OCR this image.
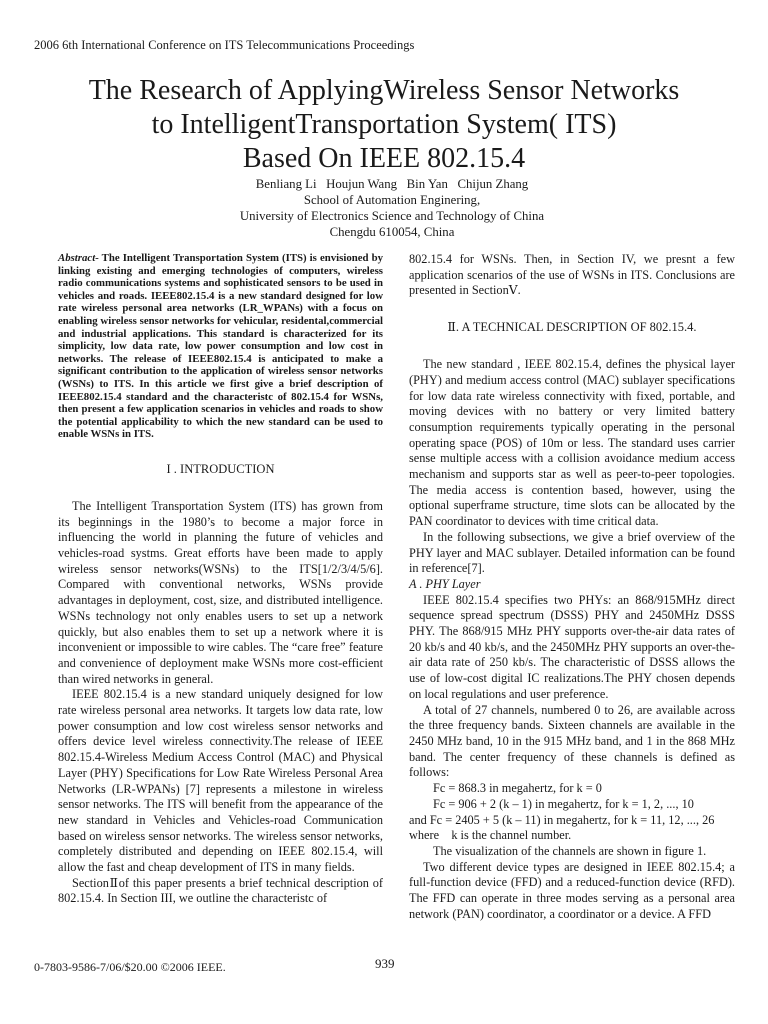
2006 6th International Conference on ITS Telecommunications Proceedings
The Research of ApplyingWireless Sensor Networks
to IntelligentTransportation System( ITS)
Based On IEEE 802.15.4
Benliang Li   Houjun Wang   Bin Yan   Chijun Zhang
School of Automation Enginering,
University of Electronics Science and Technology of China
Chengdu 610054, China

Abstract- The Intelligent Transportation System (ITS) is envisioned by linking existing and emerging technologies of computers, wireless radio communications systems and sophisticated sensors to be used in vehicles and roads. IEEE802.15.4 is a new standard designed for low rate wireless personal area networks (LR_WPANs) with a focus on enabling wireless sensor networks for vehicular, residental,commercial and industrial applications. This standard is characterized for its simplicity, low data rate, low power consumption and low cost in networks. The release of IEEE802.15.4 is anticipated to make a significant contribution to the application of wireless sensor networks (WSNs) to ITS. In this article we first give a brief description of IEEE802.15.4 standard and the characteristc of 802.15.4 for WSNs, then present a few application scenarios in vehicles and roads to show the potential applicability to which the new standard can be used to enable WSNs in ITS.

I . INTRODUCTION

The Intelligent Transportation System (ITS) has grown from its beginnings in the 1980’s to become a major force in influencing the world in planning the future of vehicles and vehicles-road systms. Great efforts have been made to apply wireless sensor networks(WSNs) to the ITS[1/2/3/4/5/6]. Compared with conventional networks, WSNs provide advantages in deployment, cost, size, and distributed intelligence. WSNs technology not only enables users to set up a network quickly, but also enables them to set up a network where it is inconvenient or impossible to wire cables. The “care free” feature and convenience of deployment make WSNs more cost-efficient than wired networks in general.

IEEE 802.15.4 is a new standard uniquely designed for low rate wireless personal area networks. It targets low data rate, low power consumption and low cost wireless sensor networks and offers device level wireless connectivity.The release of IEEE 802.15.4-Wireless Medium Access Control (MAC) and Physical Layer (PHY) Specifications for Low Rate Wireless Personal Area Networks (LR-WPANs) [7] represents a milestone in wireless sensor networks. The ITS will benefit from the appearance of the new standard in Vehicles and Vehicles-road Communication based on wireless sensor networks. The wireless sensor networks, completely distributed and depending on IEEE 802.15.4, will allow the fast and cheap development of ITS in many fields.

SectionⅡof this paper presents a brief technical description of 802.15.4. In Section III, we outline the characteristc of

802.15.4 for WSNs. Then, in Section IV, we presnt a few application scenarios of the use of WSNs in ITS. Conclusions are presented in SectionⅤ.

Ⅱ. A TECHNICAL DESCRIPTION OF 802.15.4.

The new standard , IEEE 802.15.4, defines the physical layer (PHY) and medium access control (MAC) sublayer specifications for low data rate wireless connectivity with fixed, portable, and moving devices with no battery or very limited battery consumption requirements typically operating in the personal operating space (POS) of 10m or less. The standard uses carrier sense multiple access with a collision avoidance medium access mechanism and supports star as well as peer-to-peer topologies. The media access is contention based, however, using the optional superframe structure, time slots can be allocated by the PAN coordinator to devices with time critical data.

In the following subsections, we give a brief overview of the PHY layer and MAC sublayer. Detailed information can be found in reference[7].

A . PHY Layer

IEEE 802.15.4 specifies two PHYs: an 868/915MHz direct sequence spread spectrum (DSSS) PHY and 2450MHz DSSS PHY. The 868/915 MHz PHY supports over-the-air data rates of 20 kb/s and 40 kb/s, and the 2450MHz PHY supports an over-the-air data rate of 250 kb/s. The characteristic of DSSS allows the use of low-cost digital IC realizations.The PHY chosen depends on local regulations and user preference.

A total of 27 channels, numbered 0 to 26, are available across the three frequency bands. Sixteen channels are available in the 2450 MHz band, 10 in the 915 MHz band, and 1 in the 868 MHz band. The center frequency of these channels is defined as follows:

Fc = 868.3 in megahertz, for k = 0

Fc = 906 + 2 (k – 1) in megahertz, for k = 1, 2, ..., 10

and Fc = 2405 + 5 (k – 11) in megahertz, for k = 11, 12, ..., 26

where    k is the channel number.

The visualization of the channels are shown in figure 1.

Two different device types are designed in IEEE 802.15.4; a full-function device (FFD) and a reduced-function device (RFD). The FFD can operate in three modes serving as a personal area network (PAN) coordinator, a coordinator or a device. A FFD

0-7803-9586-7/06/$20.00 ©2006 IEEE.	939
